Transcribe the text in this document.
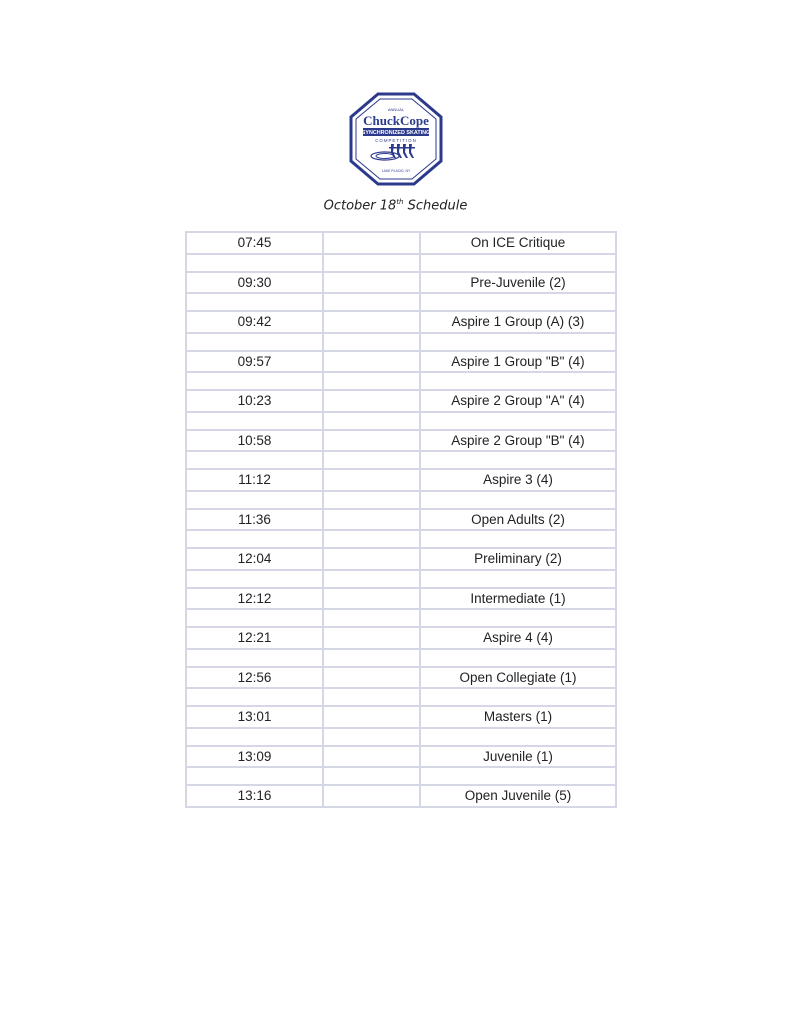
ANNUAL
ChuckCope
SYNCHRONIZED SKATING
COMPETITION
LAKE PLACID, NY
October 18th Schedule
07:45		On ICE Critique

09:30		Pre-Juvenile (2)

09:42		Aspire 1 Group (A) (3)

09:57		Aspire 1 Group "B" (4)

10:23		Aspire 2 Group "A" (4)

10:58		Aspire 2 Group "B" (4)

11:12		Aspire 3 (4)

11:36		Open Adults (2)

12:04		Preliminary (2)

12:12		Intermediate (1)

12:21		Aspire 4 (4)

12:56		Open Collegiate (1)

13:01		Masters (1)

13:09		Juvenile (1)

13:16		Open Juvenile (5)
